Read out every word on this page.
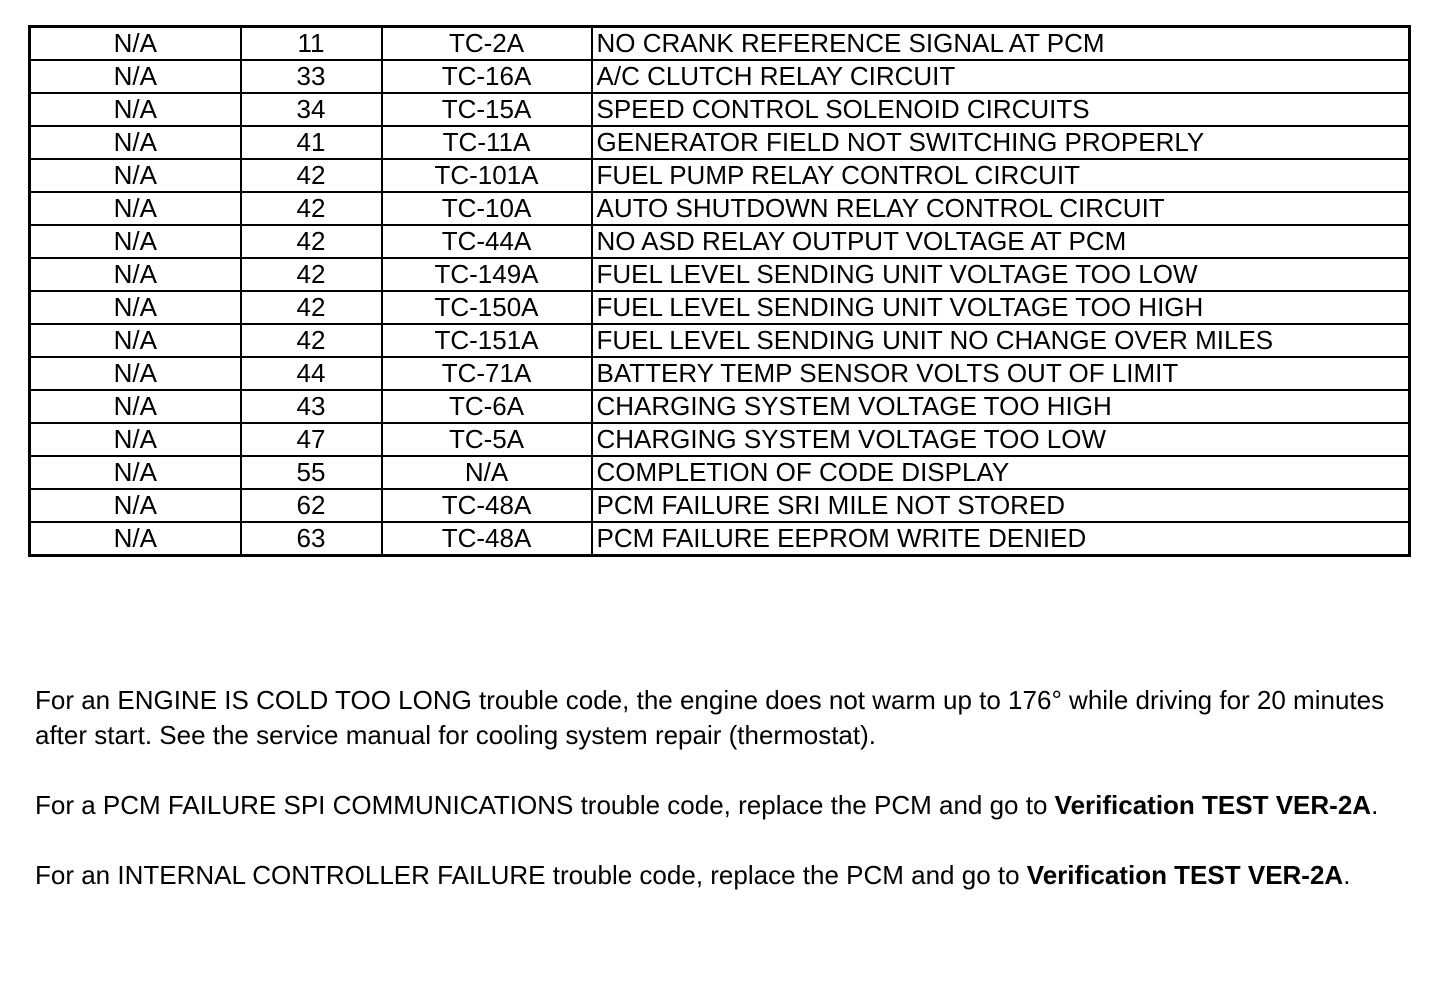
N/A	11	TC-2A	NO CRANK REFERENCE SIGNAL AT PCM
N/A	33	TC-16A	A/C CLUTCH RELAY CIRCUIT
N/A	34	TC-15A	SPEED CONTROL SOLENOID CIRCUITS
N/A	41	TC-11A	GENERATOR FIELD NOT SWITCHING PROPERLY
N/A	42	TC-101A	FUEL PUMP RELAY CONTROL CIRCUIT
N/A	42	TC-10A	AUTO SHUTDOWN RELAY CONTROL CIRCUIT
N/A	42	TC-44A	NO ASD RELAY OUTPUT VOLTAGE AT PCM
N/A	42	TC-149A	FUEL LEVEL SENDING UNIT VOLTAGE TOO LOW
N/A	42	TC-150A	FUEL LEVEL SENDING UNIT VOLTAGE TOO HIGH
N/A	42	TC-151A	FUEL LEVEL SENDING UNIT NO CHANGE OVER MILES
N/A	44	TC-71A	BATTERY TEMP SENSOR VOLTS OUT OF LIMIT
N/A	43	TC-6A	CHARGING SYSTEM VOLTAGE TOO HIGH
N/A	47	TC-5A	CHARGING SYSTEM VOLTAGE TOO LOW
N/A	55	N/A	COMPLETION OF CODE DISPLAY
N/A	62	TC-48A	PCM FAILURE SRI MILE NOT STORED
N/A	63	TC-48A	PCM FAILURE EEPROM WRITE DENIED

For an ENGINE IS COLD TOO LONG trouble code, the engine does not warm up to 176° while driving for 20 minutes after start. See the service manual for cooling system repair (thermostat).

For a PCM FAILURE SPI COMMUNICATIONS trouble code, replace the PCM and go to Verification TEST VER-2A.

For an INTERNAL CONTROLLER FAILURE trouble code, replace the PCM and go to Verification TEST VER-2A.
